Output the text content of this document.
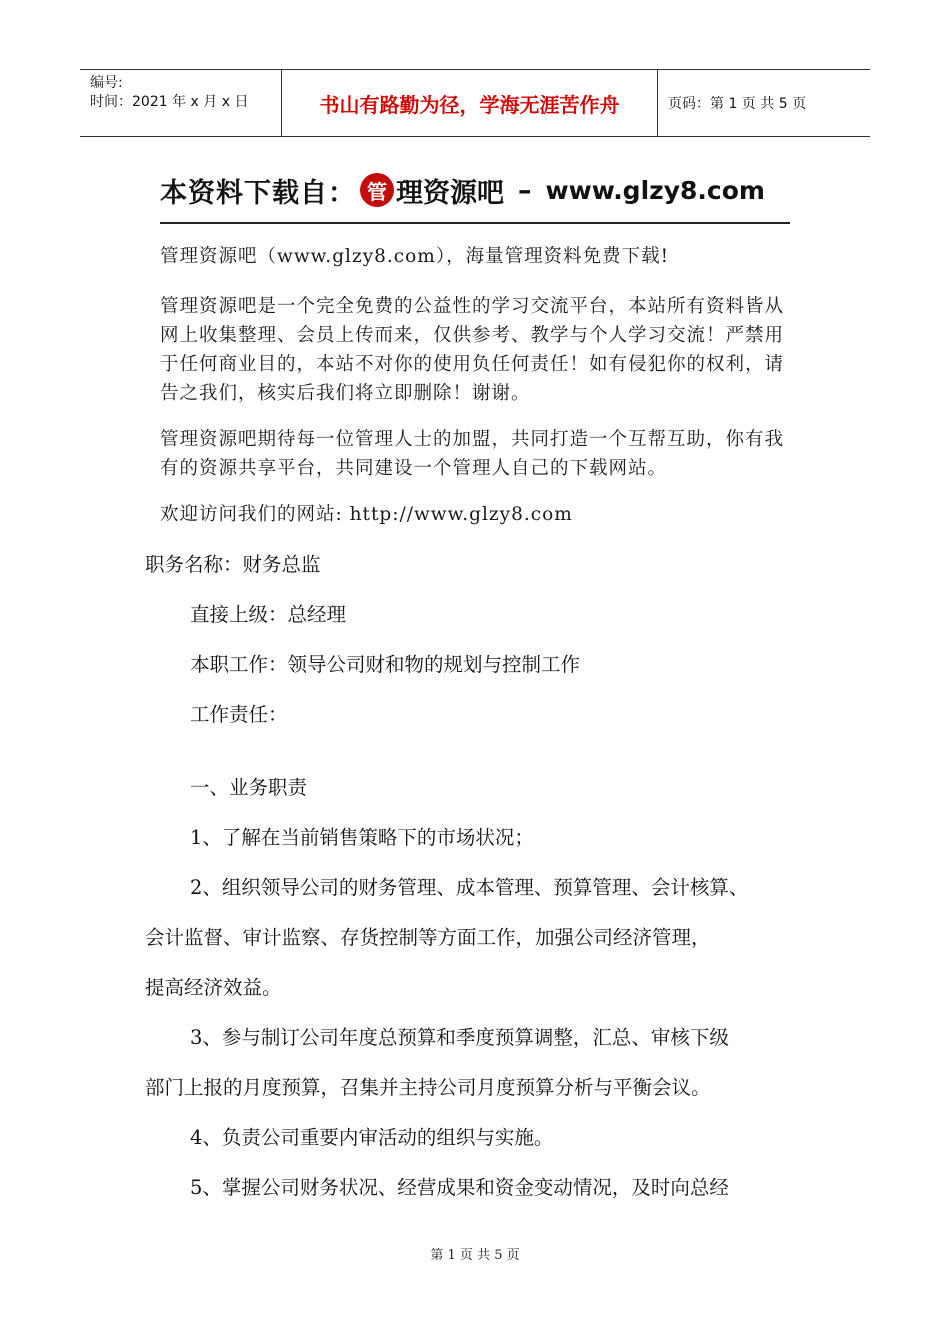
编号:
时间：2021 年 x 月 x 日	书山有路勤为径，学海无涯苦作舟	页码：第 1 页 共 5 页
本资料下载自： 管 理资源吧 – www.glzy8.com

管理资源吧（www.glzy8.com），海量管理资料免费下载!

管理资源吧是一个完全免费的公益性的学习交流平台，本站所有资料皆从网上收集整理、会员上传而来，仅供参考、教学与个人学习交流！严禁用于任何商业目的，本站不对你的使用负任何责任！如有侵犯你的权利，请告之我们，核实后我们将立即删除！谢谢。

管理资源吧期待每一位管理人士的加盟，共同打造一个互帮互助，你有我有的资源共享平台，共同建设一个管理人自己的下载网站。

欢迎访问我们的网站: http://www.glzy8.com

职务名称：财务总监

直接上级：总经理

本职工作：领导公司财和物的规划与控制工作

工作责任：

一、业务职责

1、了解在当前销售策略下的市场状况；

2、组织领导公司的财务管理、成本管理、预算管理、会计核算、

会计监督、审计监察、存货控制等方面工作，加强公司经济管理，

提高经济效益。

3、参与制订公司年度总预算和季度预算调整，汇总、审核下级

部门上报的月度预算，召集并主持公司月度预算分析与平衡会议。

4、负责公司重要内审活动的组织与实施。

5、掌握公司财务状况、经营成果和资金变动情况，及时向总经

第 1 页 共 5 页
